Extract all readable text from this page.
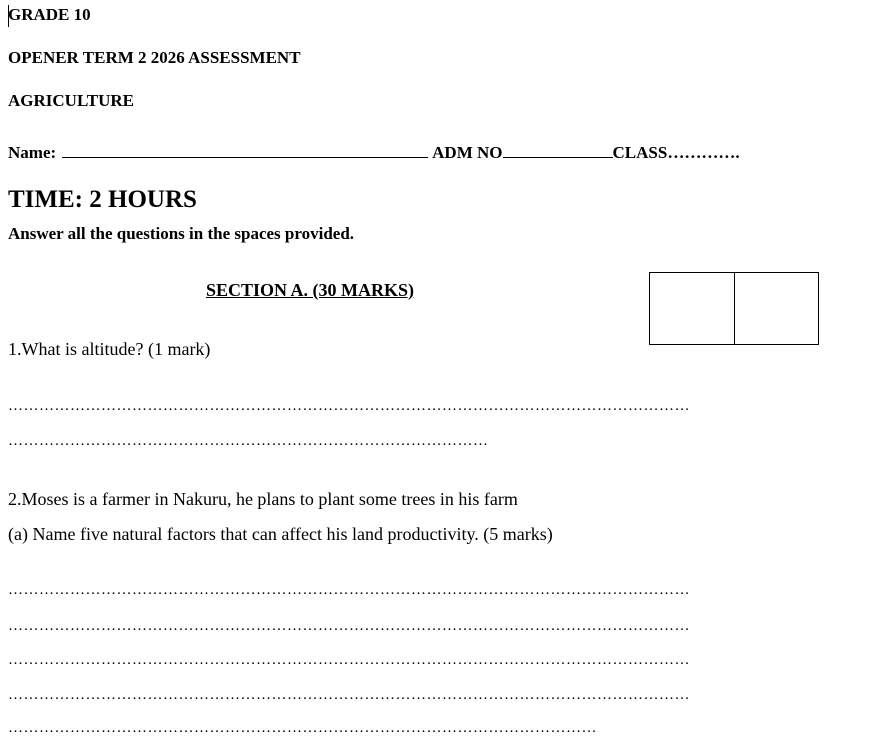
GRADE 10
OPENER TERM 2 2026 ASSESSMENT
AGRICULTURE
Name:	ADM NO	CLASS………….
TIME: 2 HOURS
Answer all the questions in the spaces provided.
SECTION A. (30 MARKS)
1.What is altitude? (1 mark)
……………………………………………………………………………………………………………………
…………………………………………………………………………………
2.Moses is a farmer in Nakuru, he plans to plant some trees in his farm
(a) Name five natural factors that can affect his land productivity. (5 marks)
……………………………………………………………………………………………………………………
……………………………………………………………………………………………………………………
……………………………………………………………………………………………………………………
……………………………………………………………………………………………………………………
……………………………………………………………………………………………………
